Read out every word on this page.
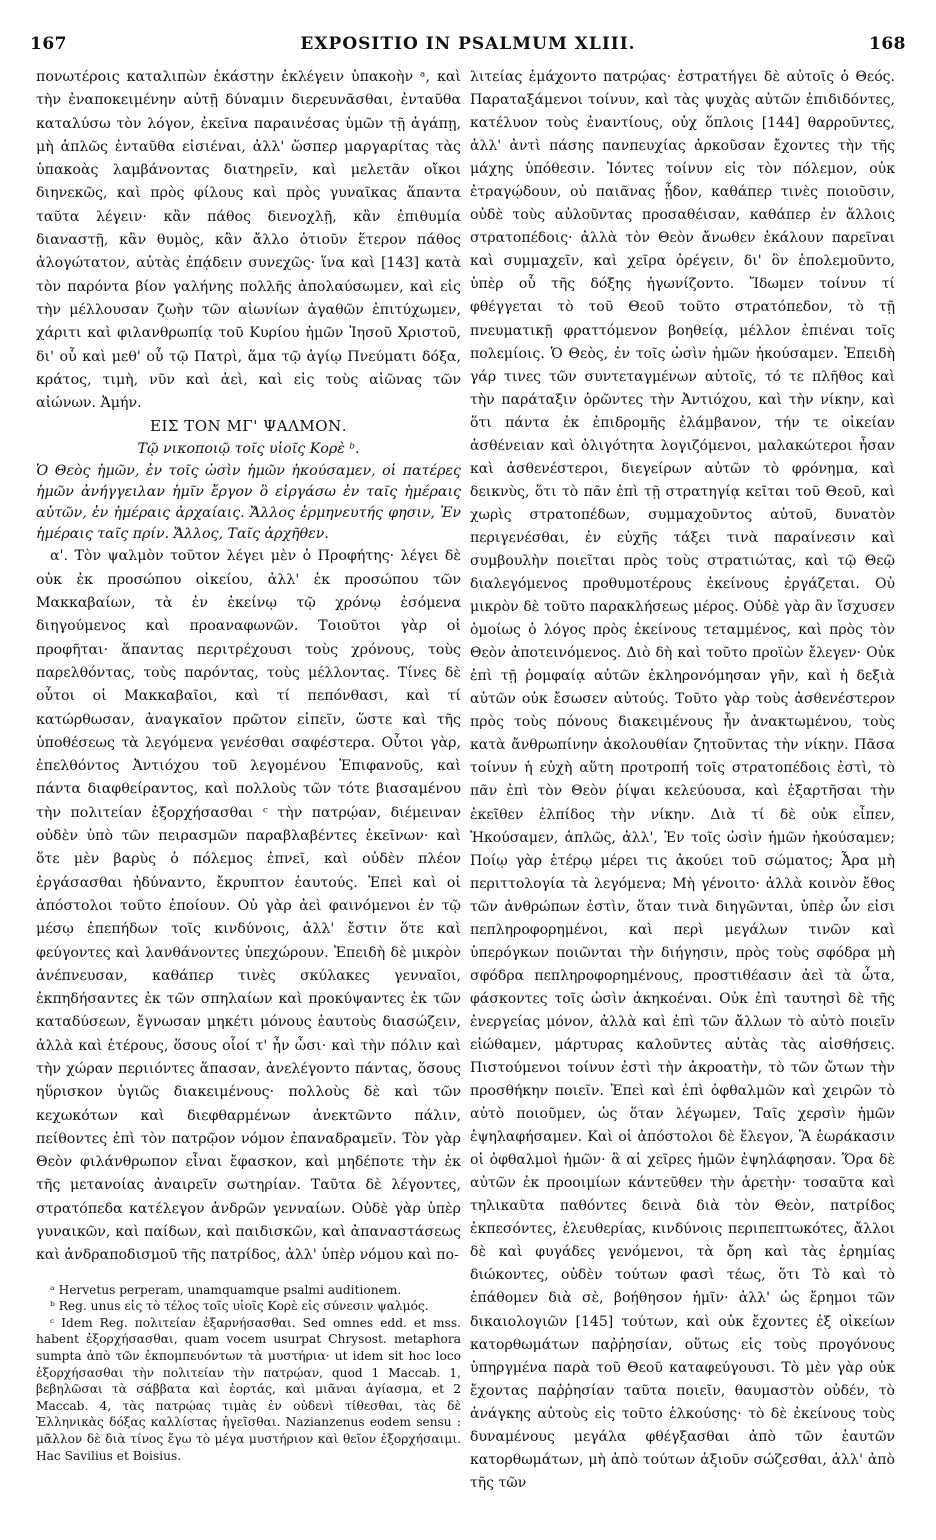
167	EXPOSITIO IN PSALMUM XLIII.	168

πονωτέροις καταλιπὼν ἑκάστην ἐκλέγειν ὑπακοὴν ᵃ, καὶ τὴν ἐναποκειμένην αὐτῇ δύναμιν διερευνᾶσθαι, ἐνταῦθα καταλύσω τὸν λόγον, ἐκεῖνα παραινέσας ὑμῶν τῇ ἀγάπῃ, μὴ ἁπλῶς ἐνταῦθα εἰσιέναι, ἀλλ' ὥσπερ μαργαρίτας τὰς ὑπακοὰς λαμβάνοντας διατηρεῖν, καὶ μελετᾶν οἴκοι διηνεκῶς, καὶ πρὸς φίλους καὶ πρὸς γυναῖκας ἅπαντα ταῦτα λέγειν· κἂν πάθος διενοχλῇ, κἂν ἐπιθυμία διαναστῇ, κἂν θυμὸς, κἂν ἄλλο ὁτιοῦν ἕτερον πάθος ἀλογώτατον, αὐτὰς ἐπᾴδειν συνεχῶς· ἵνα καὶ [143] κατὰ τὸν παρόντα βίον γαλήνης πολλῆς ἀπολαύσωμεν, καὶ εἰς τὴν μέλλουσαν ζωὴν τῶν αἰωνίων ἀγαθῶν ἐπιτύχωμεν, χάριτι καὶ φιλανθρωπίᾳ τοῦ Κυρίου ἡμῶν Ἰησοῦ Χριστοῦ, δι' οὗ καὶ μεθ' οὗ τῷ Πατρὶ, ἅμα τῷ ἁγίῳ Πνεύματι δόξα, κράτος, τιμὴ, νῦν καὶ ἀεὶ, καὶ εἰς τοὺς αἰῶνας τῶν αἰώνων. Ἀμήν.

ΕΙΣ ΤΟΝ ΜΓ' ΨΑΛΜΟΝ.

Τῷ νικοποιῷ τοῖς υἱοῖς Κορὲ ᵇ.

Ὁ Θεὸς ἡμῶν, ἐν τοῖς ὠσὶν ἡμῶν ἠκούσαμεν, οἱ πατέρες ἡμῶν ἀνήγγειλαν ἡμῖν ἔργον ὃ εἰργάσω ἐν ταῖς ἡμέραις αὐτῶν, ἐν ἡμέραις ἀρχαίαις. Ἄλλος ἑρμηνευτής φησιν, Ἐν ἡμέραις ταῖς πρίν. Ἄλλος, Ταῖς ἀρχῆθεν.

α'. Τὸν ψαλμὸν τοῦτον λέγει μὲν ὁ Προφήτης· λέγει δὲ οὐκ ἐκ προσώπου οἰκείου, ἀλλ' ἐκ προσώπου τῶν Μακκαβαίων, τὰ ἐν ἐκείνῳ τῷ χρόνῳ ἐσόμενα διηγούμενος καὶ προαναφωνῶν. Τοιοῦτοι γὰρ οἱ προφῆται· ἅπαντας περιτρέχουσι τοὺς χρόνους, τοὺς παρελθόντας, τοὺς παρόντας, τοὺς μέλλοντας. Τίνες δὲ οὗτοι οἱ Μακκαβαῖοι, καὶ τί πεπόνθασι, καὶ τί κατώρθωσαν, ἀναγκαῖον πρῶτον εἰπεῖν, ὥστε καὶ τῆς ὑποθέσεως τὰ λεγόμενα γενέσθαι σαφέστερα. Οὗτοι γὰρ, ἐπελθόντος Ἀντιόχου τοῦ λεγομένου Ἐπιφανοῦς, καὶ πάντα διαφθείραντος, καὶ πολλοὺς τῶν τότε βιασαμένου τὴν πολιτείαν ἐξορχήσασθαι ᶜ τὴν πατρῴαν, διέμειναν οὐδὲν ὑπὸ τῶν πειρασμῶν παραβλαβέντες ἐκεῖνων· καὶ ὅτε μὲν βαρὺς ὁ πόλεμος ἐπνεῖ, καὶ οὐδὲν πλέον ἐργάσασθαι ἠδύναντο, ἔκρυπτον ἑαυτούς. Ἐπεὶ καὶ οἱ ἀπόστολοι τοῦτο ἐποίουν. Οὐ γὰρ ἀεὶ φαινόμενοι ἐν τῷ μέσῳ ἐπεπήδων τοῖς κινδύνοις, ἀλλ' ἔστιν ὅτε καὶ φεύγοντες καὶ λανθάνοντες ὑπεχώρουν. Ἐπειδὴ δὲ μικρὸν ἀνέπνευσαν, καθάπερ τινὲς σκύλακες γενναῖοι, ἐκπηδήσαντες ἐκ τῶν σπηλαίων καὶ προκύψαντες ἐκ τῶν καταδύσεων, ἔγνωσαν μηκέτι μόνους ἑαυτοὺς διασώζειν, ἀλλὰ καὶ ἑτέρους, ὅσους οἷοί τ' ἦν ὦσι· καὶ τὴν πόλιν καὶ τὴν χώραν περιιόντες ἅπασαν, ἀνελέγοντο πάντας, ὅσους ηὕρισκον ὑγιῶς διακειμένους· πολλοὺς δὲ καὶ τῶν κεχωκότων καὶ διεφθαρμένων ἀνεκτῶντο πάλιν, πείθοντες ἐπὶ τὸν πατρῷον νόμον ἐπαναδραμεῖν. Τὸν γὰρ Θεὸν φιλάνθρωπον εἶναι ἔφασκον, καὶ μηδέποτε τὴν ἐκ τῆς μετανοίας ἀναιρεῖν σωτηρίαν. Ταῦτα δὲ λέγοντες, στρατόπεδα κατέλεγον ἀνδρῶν γενναίων. Οὐδὲ γὰρ ὑπὲρ γυναικῶν, καὶ παίδων, καὶ παιδισκῶν, καὶ ἀπαναστάσεως καὶ ἀνδραποδισμοῦ τῆς πατρίδος, ἀλλ' ὑπὲρ νόμου καὶ πο-

ᵃ Hervetus perperam, unamquamque psalmi auditionem.

ᵇ Reg. unus εἰς τὸ τέλος τοῖς υἱοῖς Κορὲ εἰς σύνεσιν ψαλμός.

ᶜ Idem Reg. πολιτείαν ἐξαρνήσασθαι. Sed omnes edd. et mss. habent ἐξορχήσασθαι, quam vocem usurpat Chrysost. metaphora sumpta ἀπὸ τῶν ἐκπομπευόντων τὰ μυστήρια· ut idem sit hoc loco ἐξορχήσασθαι τὴν πολιτείαν τὴν πατρῴαν, quod 1 Maccab. 1, βεβηλῶσαι τὰ σάββατα καὶ ἑορτάς, καὶ μιᾶναι ἁγίασμα, et 2 Maccab. 4, τὰς πατρῴας τιμὰς ἐν οὐδενὶ τίθεσθαι, τὰς δὲ Ἑλληνικὰς δόξας καλλίστας ἡγεῖσθαι. Nazianzenus eodem sensu : μᾶλλον δὲ διὰ τίνος ἔγω τὸ μέγα μυστήριον καὶ θεῖον ἐξορχήσαιμι. Hac Savilius et Boisius.

λιτείας ἐμάχοντο πατρῴας· ἐστρατήγει δὲ αὐτοῖς ὁ Θεός. Παραταξάμενοι τοίνυν, καὶ τὰς ψυχὰς αὐτῶν ἐπιδιδόντες, κατέλυον τοὺς ἐναντίους, οὐχ ὅπλοις [144] θαρροῦντες, ἀλλ' ἀντὶ πάσης πανπευχίας ἀρκοῦσαν ἔχοντες τὴν τῆς μάχης ὑπόθεσιν. Ἰόντες τοίνυν εἰς τὸν πόλεμον, οὐκ ἐτραγῴδουν, οὐ παιᾶνας ᾖδον, καθάπερ τινὲς ποιοῦσιν, οὐδὲ τοὺς αὐλοῦντας προσαθέισαν, καθάπερ ἐν ἄλλοις στρατοπέδοις· ἀλλὰ τὸν Θεὸν ἄνωθεν ἐκάλουν παρεῖναι καὶ συμμαχεῖν, καὶ χεῖρα ὀρέγειν, δι' ὃν ἐπολεμοῦντο, ὑπὲρ οὗ τῆς δόξης ἠγωνίζοντο. Ἴδωμεν τοίνυν τί φθέγγεται τὸ τοῦ Θεοῦ τοῦτο στρατόπεδον, τὸ τῇ πνευματικῇ φραττόμενον βοηθείᾳ, μέλλον ἐπιέναι τοῖς πολεμίοις. Ὁ Θεὸς, ἐν τοῖς ὠσὶν ἡμῶν ἠκούσαμεν. Ἐπειδὴ γάρ τινες τῶν συντεταγμένων αὐτοῖς, τό τε πλῆθος καὶ τὴν παράταξιν ὁρῶντες τὴν Ἀντιόχου, καὶ τὴν νίκην, καὶ ὅτι πάντα ἐκ ἐπιδρομῆς ἐλάμβανον, τήν τε οἰκείαν ἀσθένειαν καὶ ὀλιγότητα λογιζόμενοι, μαλακώτεροι ἦσαν καὶ ἀσθενέστεροι, διεγείρων αὐτῶν τὸ φρόνημα, καὶ δεικνὺς, ὅτι τὸ πᾶν ἐπὶ τῇ στρατηγίᾳ κεῖται τοῦ Θεοῦ, καὶ χωρὶς στρατοπέδων, συμμαχοῦντος αὐτοῦ, δυνατὸν περιγενέσθαι, ἐν εὐχῆς τάξει τινὰ παραίνεσιν καὶ συμβουλὴν ποιεῖται πρὸς τοὺς στρατιώτας, καὶ τῷ Θεῷ διαλεγόμενος προθυμοτέρους ἐκείνους ἐργάζεται. Οὐ μικρὸν δὲ τοῦτο παρακλήσεως μέρος. Οὐδὲ γὰρ ἂν ἴσχυσεν ὁμοίως ὁ λόγος πρὸς ἐκείνους τεταμμένος, καὶ πρὸς τὸν Θεὸν ἀποτεινόμενος. Διὸ δὴ καὶ τοῦτο προϊὼν ἔλεγεν· Οὐκ ἐπὶ τῇ ῥομφαίᾳ αὐτῶν ἐκληρονόμησαν γῆν, καὶ ἡ δεξιὰ αὐτῶν οὐκ ἔσωσεν αὐτούς. Τοῦτο γὰρ τοὺς ἀσθενέστερον πρὸς τοὺς πόνους διακειμένους ἦν ἀνακτωμένου, τοὺς κατὰ ἄνθρωπίνην ἀκολουθίαν ζητοῦντας τὴν νίκην. Πᾶσα τοίνυν ἡ εὐχὴ αὕτη προτροπή τοῖς στρατοπέδοις ἐστὶ, τὸ πᾶν ἐπὶ τὸν Θεὸν ῥίψαι κελεύουσα, καὶ ἐξαρτῆσαι τὴν ἐκεῖθεν ἐλπίδος τὴν νίκην. Διὰ τί δὲ οὐκ εἶπεν, Ἠκούσαμεν, ἁπλῶς, ἀλλ', Ἐν τοῖς ὠσὶν ἡμῶν ἠκούσαμεν; Ποίῳ γὰρ ἑτέρῳ μέρει τις ἀκούει τοῦ σώματος; Ἆρα μὴ περιττολογία τὰ λεγόμενα; Μὴ γένοιτο· ἀλλὰ κοινὸν ἔθος τῶν ἀνθρώπων ἐστὶν, ὅταν τινὰ διηγῶνται, ὑπὲρ ὧν εἰσι πεπληροφορημένοι, καὶ περὶ μεγάλων τινῶν καὶ ὑπερόγκων ποιῶνται τὴν διήγησιν, πρὸς τοὺς σφόδρα μὴ σφόδρα πεπληροφορημένους, προστιθέασιν ἀεὶ τὰ ὦτα, φάσκοντες τοῖς ὠσὶν ἀκηκοέναι. Οὐκ ἐπὶ ταυτησὶ δὲ τῆς ἐνεργείας μόνον, ἀλλὰ καὶ ἐπὶ τῶν ἄλλων τὸ αὐτὸ ποιεῖν εἰώθαμεν, μάρτυρας καλοῦντες αὐτὰς τὰς αἰσθήσεις. Πιστούμενοι τοίνυν ἐστὶ τὴν ἀκροατὴν, τὸ τῶν ὤτων τὴν προσθήκην ποιεῖν. Ἐπεὶ καὶ ἐπὶ ὀφθαλμῶν καὶ χειρῶν τὸ αὐτὸ ποιοῦμεν, ὡς ὅταν λέγωμεν, Ταῖς χερσὶν ἡμῶν ἐψηλαφήσαμεν. Καὶ οἱ ἀπόστολοι δὲ ἔλεγον, Ἃ ἑωράκασιν οἱ ὀφθαλμοὶ ἡμῶν· ἃ αἱ χεῖρες ἡμῶν ἐψηλάφησαν. Ὅρα δὲ αὐτῶν ἐκ προοιμίων κάντεῦθεν τὴν ἀρετὴν· τοσαῦτα καὶ τηλικαῦτα παθόντες δεινὰ διὰ τὸν Θεὸν, πατρίδος ἐκπεσόντες, ἐλευθερίας, κινδύνοις περιπεπτωκότες, ἄλλοι δὲ καὶ φυγάδες γενόμενοι, τὰ ὄρη καὶ τὰς ἐρημίας διώκοντες, οὐδὲν τούτων φασὶ τέως, ὅτι Τὸ καὶ τὸ ἐπάθομεν διὰ σὲ, βοήθησον ἡμῖν· ἀλλ' ὡς ἔρημοι τῶν δικαιολογιῶν [145] τούτων, καὶ οὐκ ἔχοντες ἐξ οἰκείων κατορθωμάτων παῤῥησίαν, οὕτως εἰς τοὺς προγόνους ὑπηργμένα παρὰ τοῦ Θεοῦ καταφεύγουσι. Τὸ μὲν γὰρ οὐκ ἔχοντας παῤῥησίαν ταῦτα ποιεῖν, θαυμαστὸν οὐδέν, τὸ ἀνάγκης αὐτοὺς εἰς τοῦτο ἑλκούσης· τὸ δὲ ἐκείνους τοὺς δυναμένους μεγάλα φθέγξασθαι ἀπὸ τῶν ἑαυτῶν κατορθωμάτων, μὴ ἀπὸ τούτων ἀξιοῦν σώζεσθαι, ἀλλ' ἀπὸ τῆς τῶν
